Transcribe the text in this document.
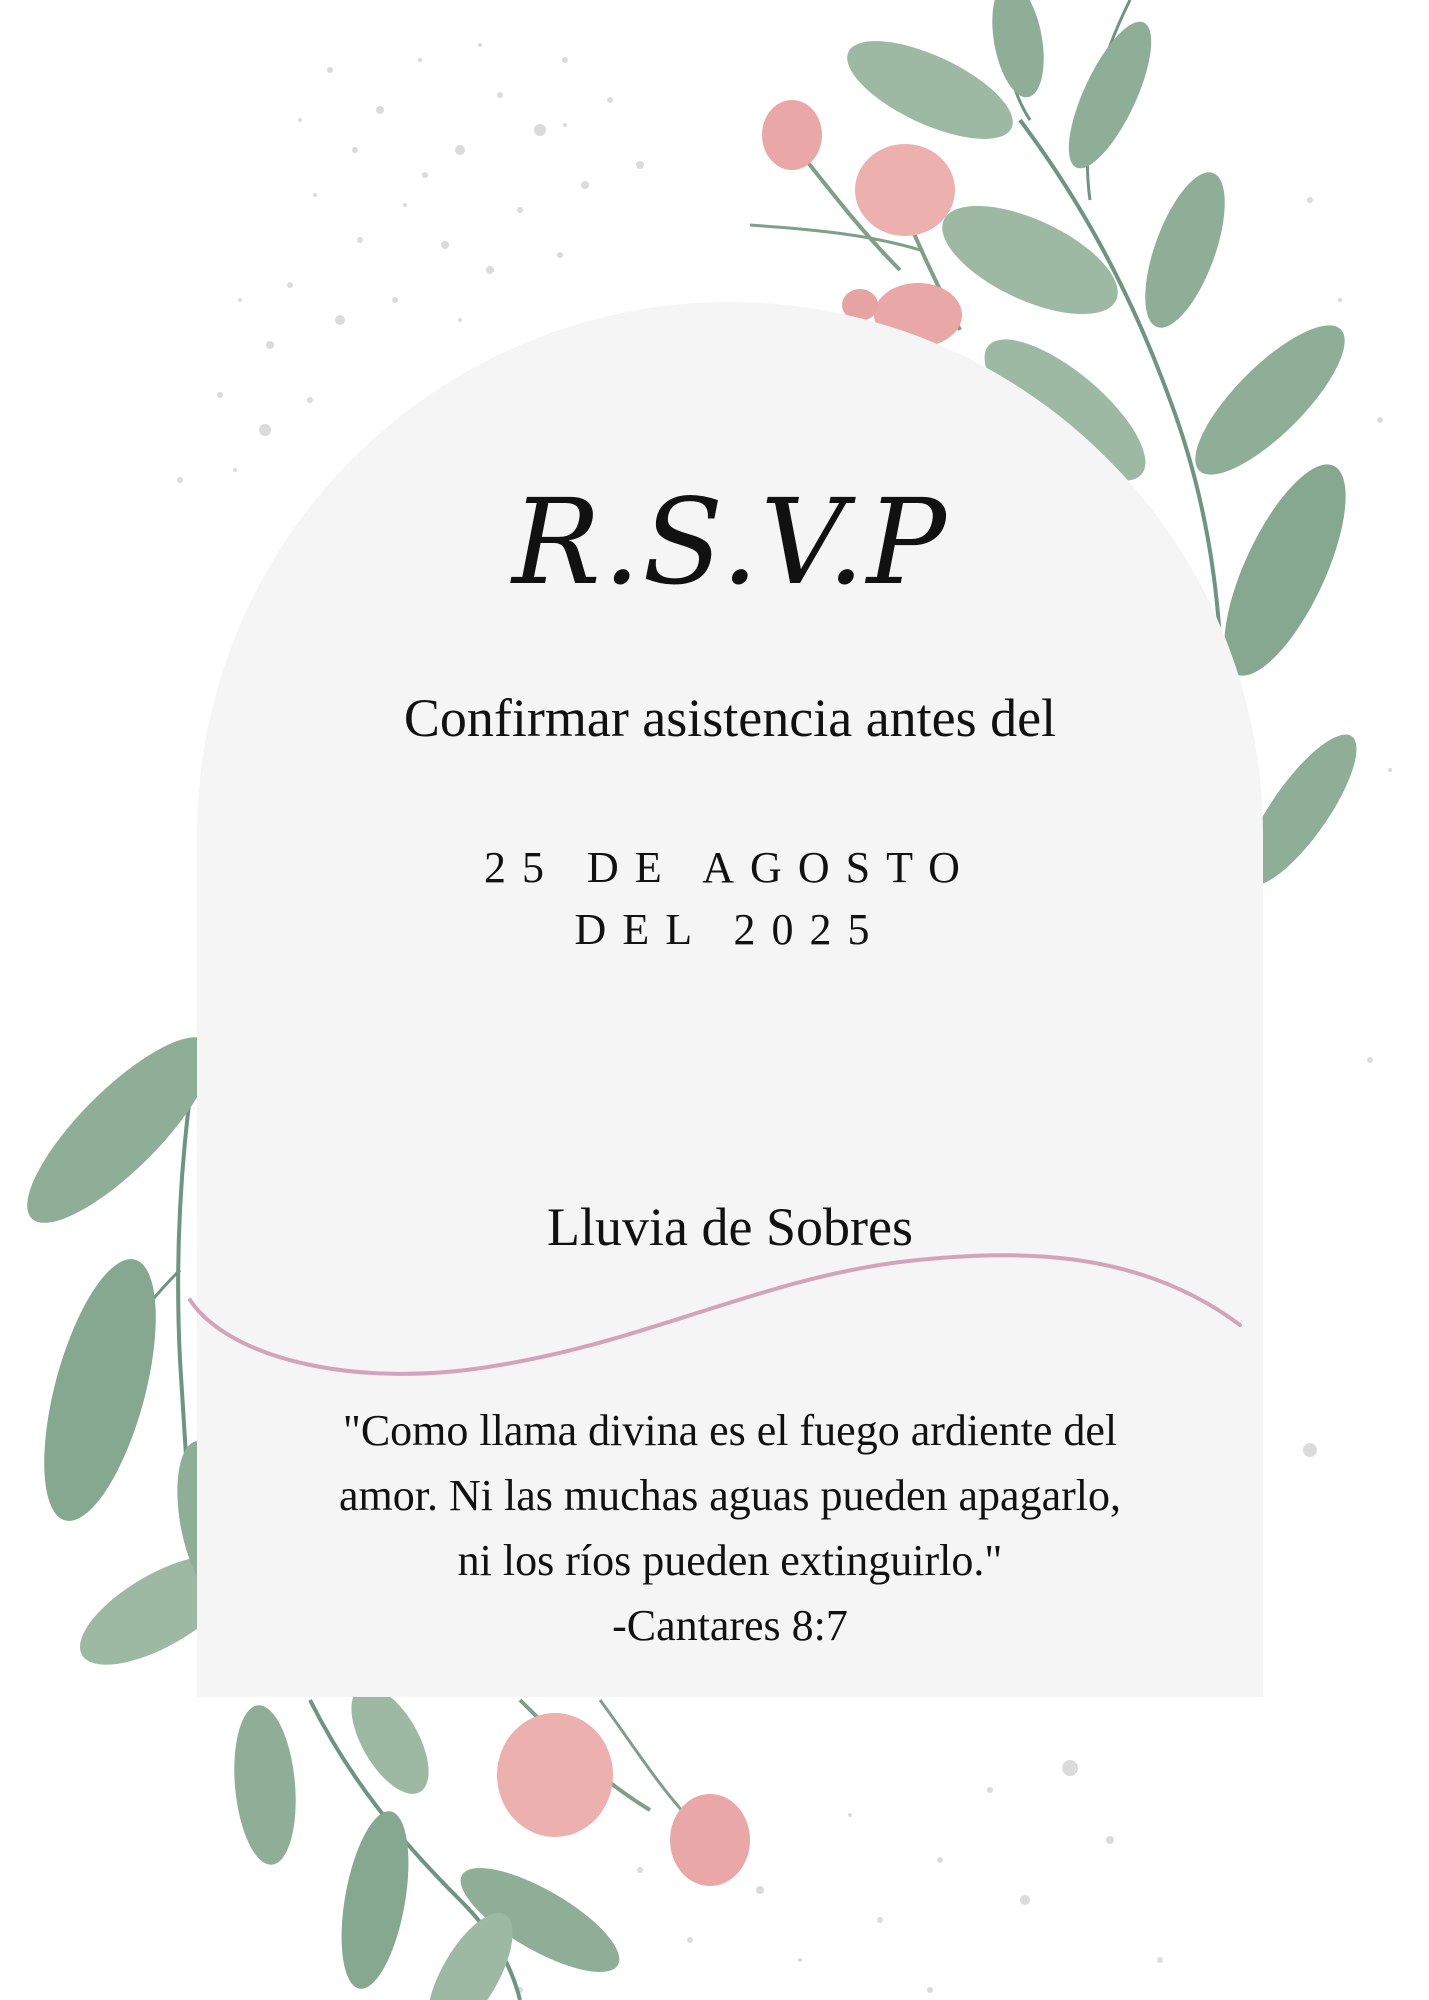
R.S.V.P

Confirmar asistencia antes del

25 DE AGOSTO
DEL 2025

Lluvia de Sobres

"Como llama divina es el fuego ardiente del
amor. Ni las muchas aguas pueden apagarlo,
ni los ríos pueden extinguirlo."
-Cantares 8:7
